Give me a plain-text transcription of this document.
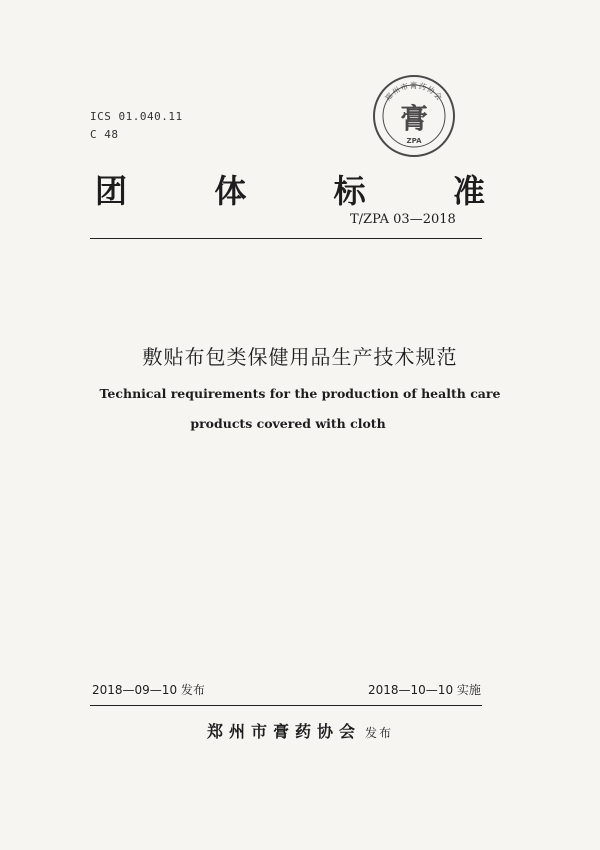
ICS 01.040.11
C 48
郑州市膏药协会
膏
ZPA
团	体	标	准
T/ZPA 03—2018
敷贴布包类保健用品生产技术规范
Technical requirements for the production of health care
products covered with cloth
2018—09—10 发布	2018—10—10 实施
郑州市膏药协会 发布
